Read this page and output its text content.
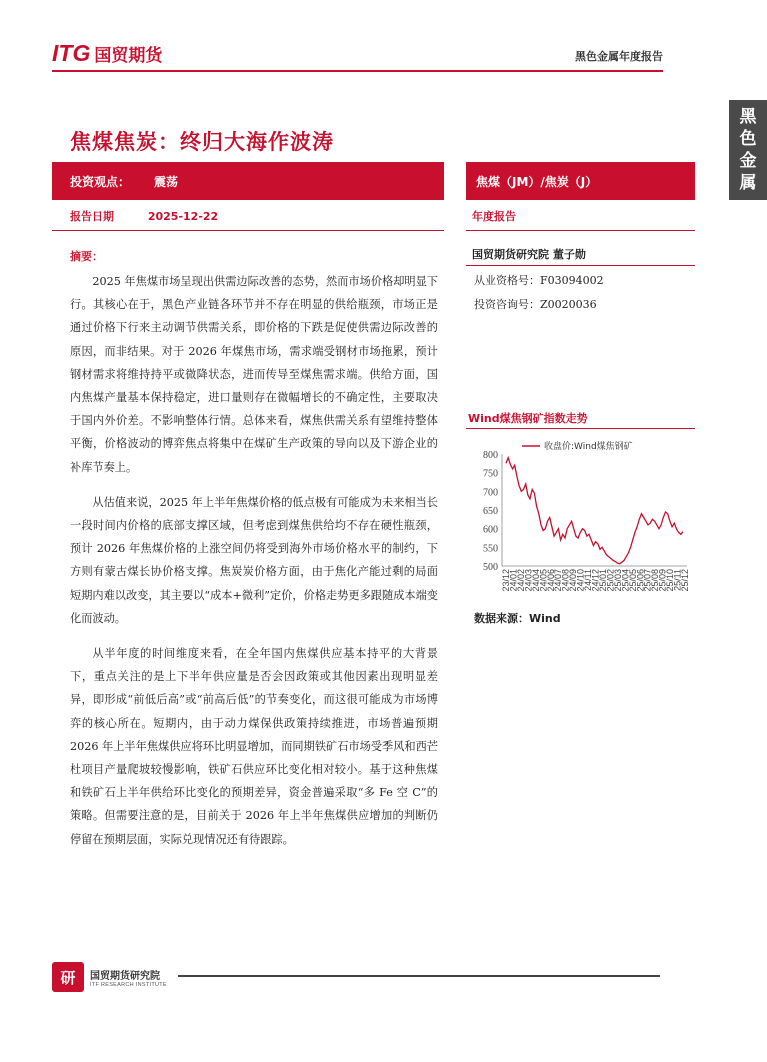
ITG 国贸期货	黑色金属年度报告
黑
色
金
属
焦煤焦炭：终归大海作波涛
投资观点： 震荡	焦煤（JM）/焦炭（J）
报告日期	2025-12-22	年度报告
摘要：

2025 年焦煤市场呈现出供需边际改善的态势，然而市场价格却明显下行。其核心在于，黑色产业链各环节并不存在明显的供给瓶颈，市场正是通过价格下行来主动调节供需关系，即价格的下跌是促使供需边际改善的原因，而非结果。对于 2026 年煤焦市场，需求端受钢材市场拖累，预计钢材需求将维持持平或微降状态，进而传导至煤焦需求端。供给方面，国内焦煤产量基本保持稳定，进口量则存在微幅增长的不确定性，主要取决于国内外价差。不影响整体行情。总体来看，煤焦供需关系有望维持整体平衡，价格波动的博弈焦点将集中在煤矿生产政策的导向以及下游企业的补库节奏上。

从估值来说，2025 年上半年焦煤价格的低点极有可能成为未来相当长一段时间内价格的底部支撑区域，但考虑到煤焦供给均不存在硬性瓶颈，预计 2026 年焦煤价格的上涨空间仍将受到海外市场价格水平的制约，下方则有蒙古煤长协价格支撑。焦炭炭价格方面，由于焦化产能过剩的局面短期内难以改变，其主要以“成本+微利”定价，价格走势更多跟随成本端变化而波动。

从半年度的时间维度来看，在全年国内焦煤供应基本持平的大背景下，重点关注的是上下半年供应量是否会因政策或其他因素出现明显差异，即形成“前低后高”或“前高后低”的节奏变化，而这很可能成为市场博弈的核心所在。短期内，由于动力煤保供政策持续推进，市场普遍预期 2026 年上半年焦煤供应将环比明显增加，而同期铁矿石市场受季风和西芒杜项目产量爬坡较慢影响，铁矿石供应环比变化相对较小。基于这种焦煤和铁矿石上半年供给环比变化的预期差异，资金普遍采取“多 Fe 空 C”的策略。但需要注意的是，目前关于 2026 年上半年焦煤供应增加的判断仍停留在预期层面，实际兑现情况还有待跟踪。

国贸期货研究院 董子勋
从业资格号：F03094002
投资咨询号：Z0020036
Wind煤焦钢矿指数走势
500
550
600
650
700
750
800
23/12
24/01
24/02
24/03
24/04
24/05
24/06
24/07
24/08
24/09
24/10
24/11
24/12
25/01
25/02
25/03
25/04
25/05
25/06
25/07
25/08
25/09
25/10
25/11
25/12
收盘价:Wind煤焦钢矿
数据来源：Wind
研	国贸期货研究院
ITF RESEARCH INSTITUTE
